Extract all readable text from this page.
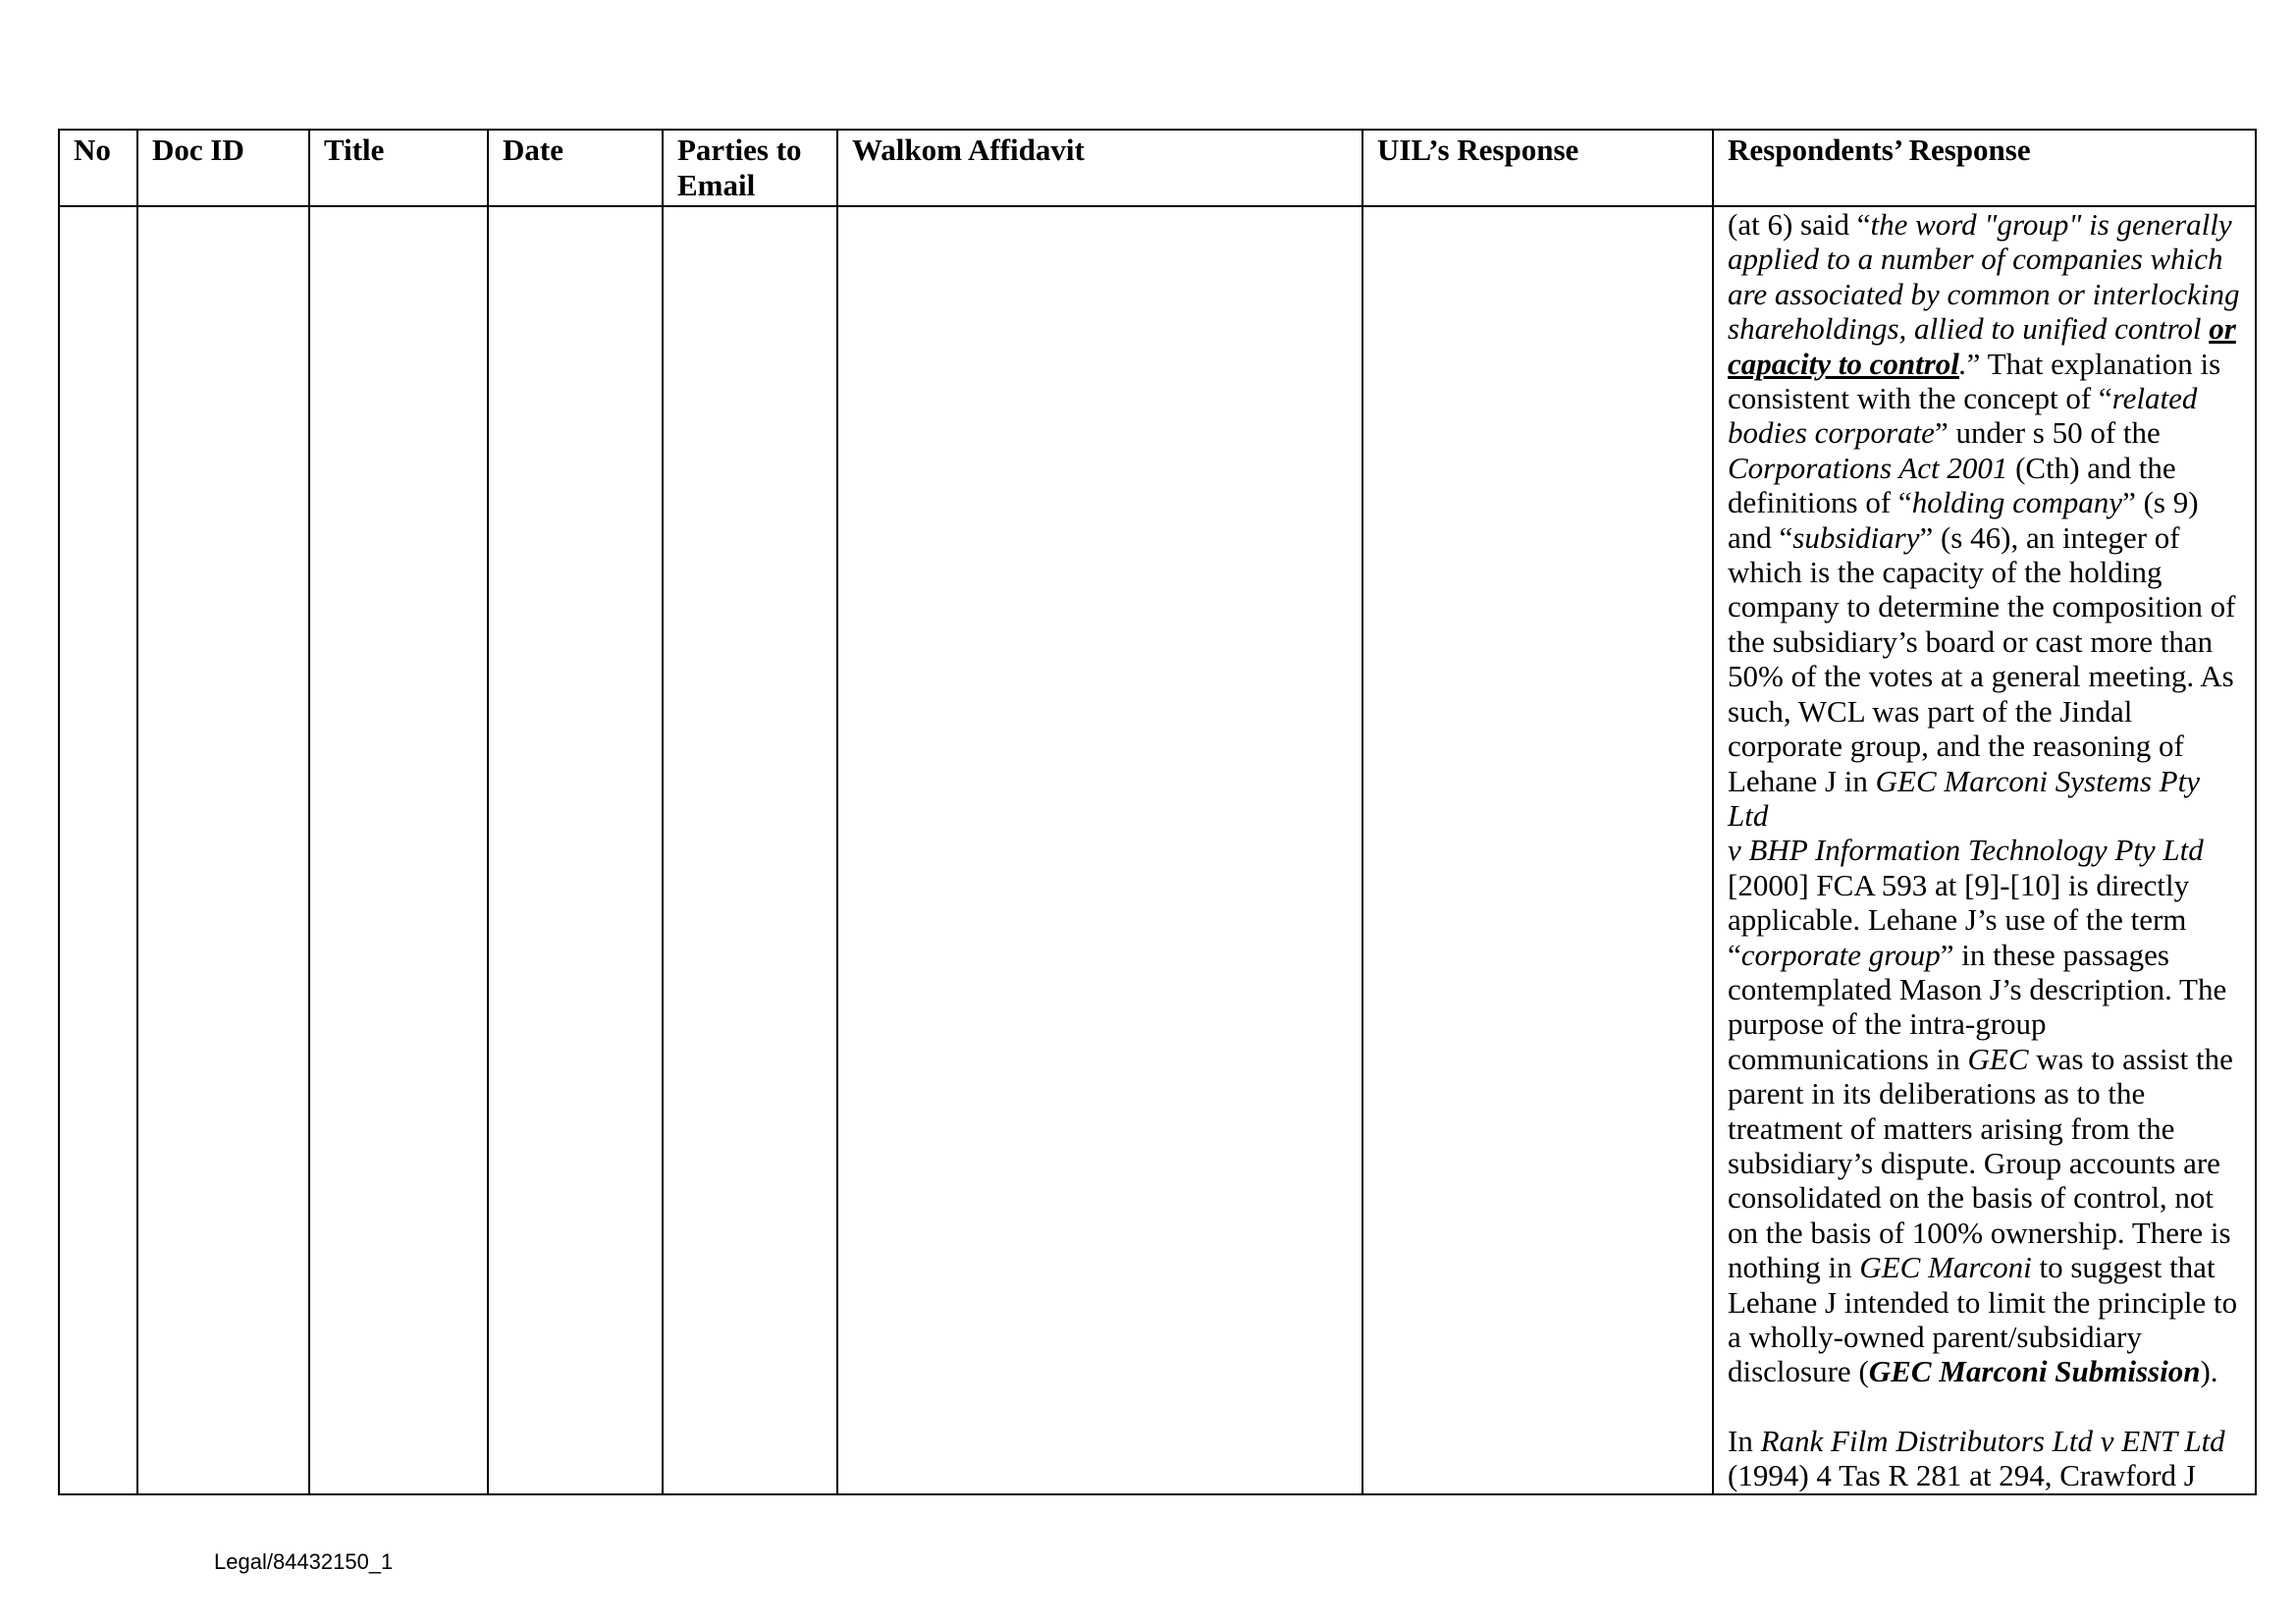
No	Doc ID	Title	Date	Parties to Email	Walkom Affidavit	UIL’s Response	Respondents’ Response

							(at 6) said “the word "group" is generally applied to a number of companies which are associated by common or interlocking shareholdings, allied to unified control or capacity to control.” That explanation is consistent with the concept of “related bodies corporate” under s 50 of the Corporations Act 2001 (Cth) and the definitions of “holding company” (s 9) and “subsidiary” (s 46), an integer of which is the capacity of the holding company to determine the composition of the subsidiary’s board or cast more than 50% of the votes at a general meeting. As such, WCL was part of the Jindal corporate group, and the reasoning of Lehane J in GEC Marconi Systems Pty Ltd
v BHP Information Technology Pty Ltd
[2000] FCA 593 at [9]-[10] is directly applicable. Lehane J’s use of the term “corporate group” in these passages contemplated Mason J’s description. The purpose of the intra-group communications in GEC was to assist the parent in its deliberations as to the treatment of matters arising from the subsidiary’s dispute. Group accounts are consolidated on the basis of control, not on the basis of 100% ownership. There is nothing in GEC Marconi to suggest that Lehane J intended to limit the principle to a wholly-owned parent/subsidiary disclosure (GEC Marconi Submission).

In Rank Film Distributors Ltd v ENT Ltd (1994) 4 Tas R 281 at 294, Crawford J

Legal/84432150_1
